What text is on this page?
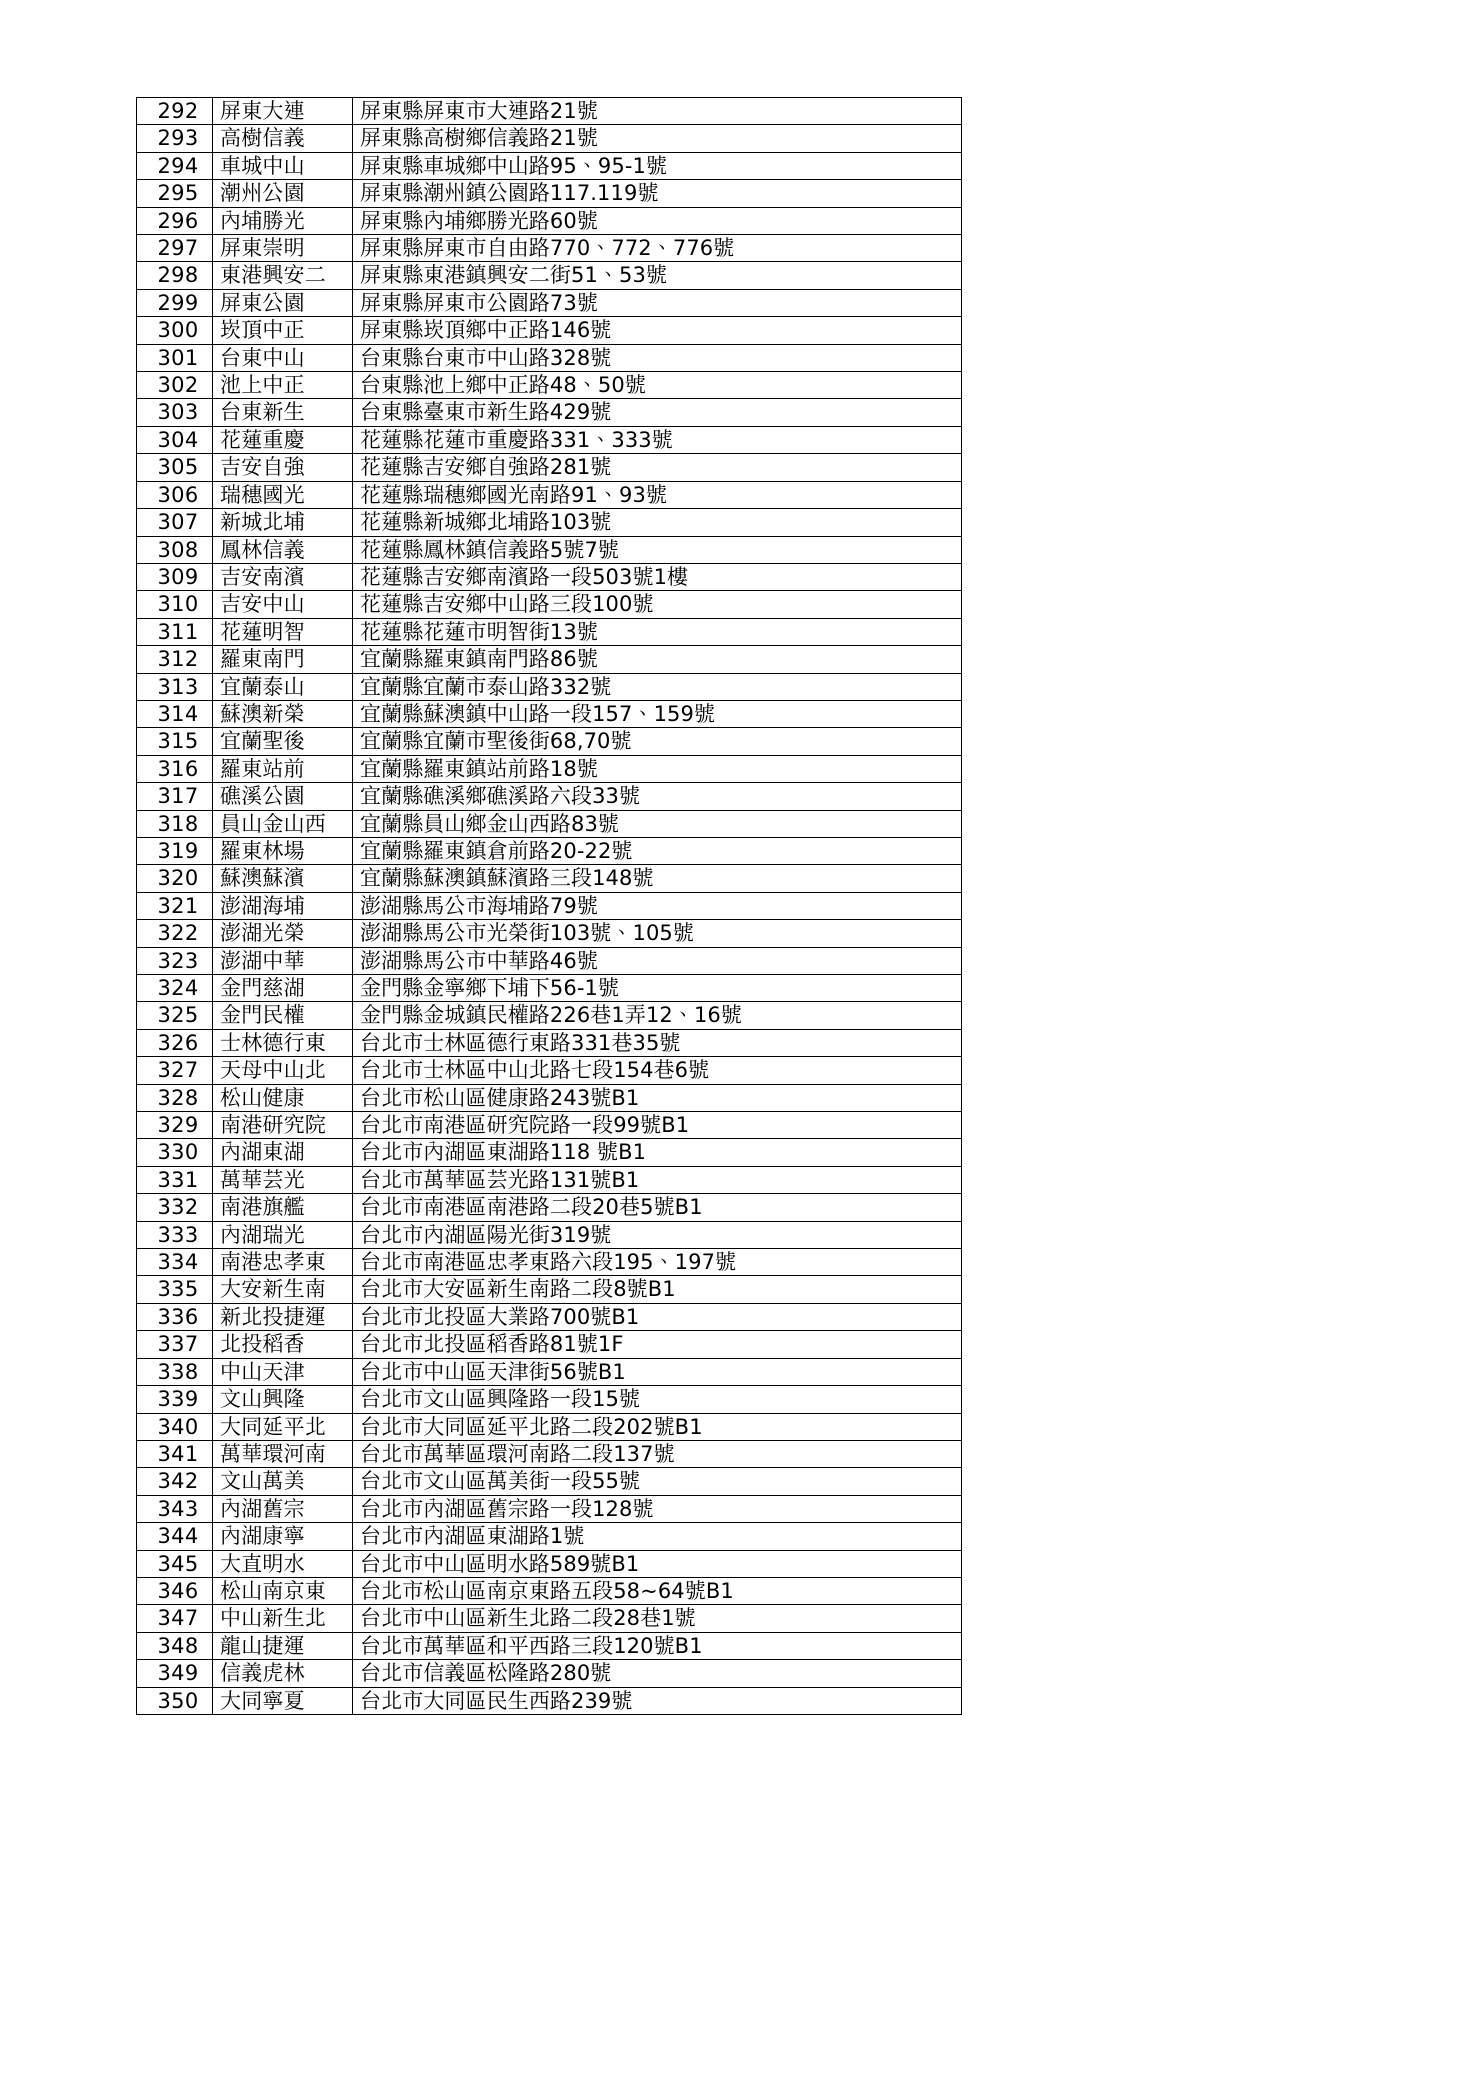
292	屏東大連	屏東縣屏東市大連路21號
293	高樹信義	屏東縣高樹鄉信義路21號
294	車城中山	屏東縣車城鄉中山路95、95-1號
295	潮州公園	屏東縣潮州鎮公園路117.119號
296	內埔勝光	屏東縣內埔鄉勝光路60號
297	屏東崇明	屏東縣屏東市自由路770、772、776號
298	東港興安二	屏東縣東港鎮興安二街51、53號
299	屏東公園	屏東縣屏東市公園路73號
300	崁頂中正	屏東縣崁頂鄉中正路146號
301	台東中山	台東縣台東市中山路328號
302	池上中正	台東縣池上鄉中正路48、50號
303	台東新生	台東縣臺東市新生路429號
304	花蓮重慶	花蓮縣花蓮市重慶路331、333號
305	吉安自強	花蓮縣吉安鄉自強路281號
306	瑞穗國光	花蓮縣瑞穗鄉國光南路91、93號
307	新城北埔	花蓮縣新城鄉北埔路103號
308	鳳林信義	花蓮縣鳳林鎮信義路5號7號
309	吉安南濱	花蓮縣吉安鄉南濱路一段503號1樓
310	吉安中山	花蓮縣吉安鄉中山路三段100號
311	花蓮明智	花蓮縣花蓮市明智街13號
312	羅東南門	宜蘭縣羅東鎮南門路86號
313	宜蘭泰山	宜蘭縣宜蘭市泰山路332號
314	蘇澳新榮	宜蘭縣蘇澳鎮中山路一段157、159號
315	宜蘭聖後	宜蘭縣宜蘭市聖後街68,70號
316	羅東站前	宜蘭縣羅東鎮站前路18號
317	礁溪公園	宜蘭縣礁溪鄉礁溪路六段33號
318	員山金山西	宜蘭縣員山鄉金山西路83號
319	羅東林場	宜蘭縣羅東鎮倉前路20-22號
320	蘇澳蘇濱	宜蘭縣蘇澳鎮蘇濱路三段148號
321	澎湖海埔	澎湖縣馬公市海埔路79號
322	澎湖光榮	澎湖縣馬公市光榮街103號、105號
323	澎湖中華	澎湖縣馬公市中華路46號
324	金門慈湖	金門縣金寧鄉下埔下56-1號
325	金門民權	金門縣金城鎮民權路226巷1弄12、16號
326	士林德行東	台北市士林區德行東路331巷35號
327	天母中山北	台北市士林區中山北路七段154巷6號
328	松山健康	台北市松山區健康路243號B1
329	南港研究院	台北市南港區研究院路一段99號B1
330	內湖東湖	台北市內湖區東湖路118 號B1
331	萬華芸光	台北市萬華區芸光路131號B1
332	南港旗艦	台北市南港區南港路二段20巷5號B1
333	內湖瑞光	台北市內湖區陽光街319號
334	南港忠孝東	台北市南港區忠孝東路六段195、197號
335	大安新生南	台北市大安區新生南路二段8號B1
336	新北投捷運	台北市北投區大業路700號B1
337	北投稻香	台北市北投區稻香路81號1F
338	中山天津	台北市中山區天津街56號B1
339	文山興隆	台北市文山區興隆路一段15號
340	大同延平北	台北市大同區延平北路二段202號B1
341	萬華環河南	台北市萬華區環河南路二段137號
342	文山萬美	台北市文山區萬美街一段55號
343	內湖舊宗	台北市內湖區舊宗路一段128號
344	內湖康寧	台北市內湖區東湖路1號
345	大直明水	台北市中山區明水路589號B1
346	松山南京東	台北市松山區南京東路五段58~64號B1
347	中山新生北	台北市中山區新生北路二段28巷1號
348	龍山捷運	台北市萬華區和平西路三段120號B1
349	信義虎林	台北市信義區松隆路280號
350	大同寧夏	台北市大同區民生西路239號
